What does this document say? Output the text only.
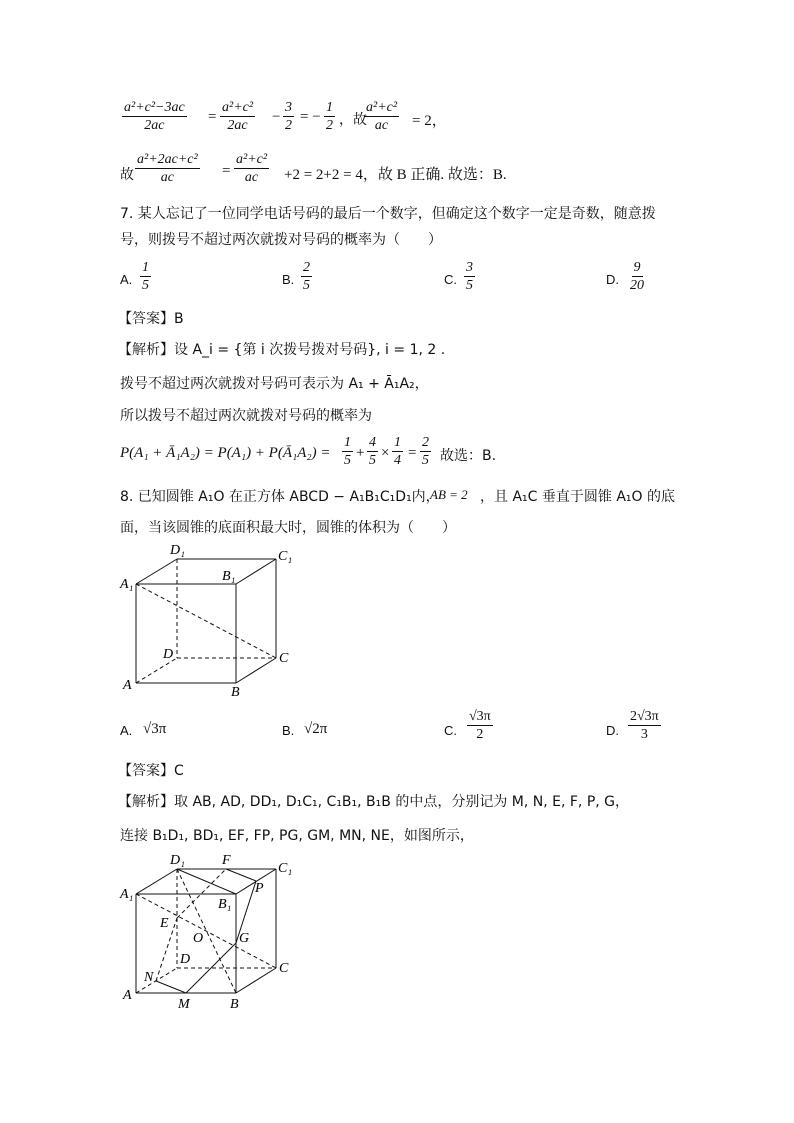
$\frac{\text{a²+c²−3ac}}{2ac} = \frac{\text{a²+c²}}{2ac} - \frac{3}{2}$ = − $\frac{1}{2}$ ，故
$\frac{\text{a²+c²}}{ac} = 2$，
故 $\frac{\text{a²+2ac+c²}}{ac} = \frac{\text{a²+c²}}{ac} +2 = 2+2 = 4$，故 B 正确. 故选：B.
7. 某人忘记了一位同学电话号码的最后一个数字，但确定这个数字一定是奇数，随意拨
号，则拨号不超过两次就拨对号码的概率为（　　）
A. $\frac{1}{5}$	B. $\frac{2}{5}$	C. $\frac{3}{5}$	D. $\frac{9}{20}$
【答案】B
【解析】 设 A_i = {第 i 次拨号拨对号码}, i = 1, 2 .
拨号不超过两次就拨对号码可表示为 A₁ + Ā₁A₂，
所以拨号不超过两次就拨对号码的概率为
P(A₁ + Ā₁A₂) = P(A₁) + P(Ā₁A₂) = $\frac{1}{5} + \frac{4}{5} \times \frac{1}{4} = \frac{2}{5}$ 故选：B.
8. 已知圆锥 A₁O 在正方体 ABCD − A₁B₁C₁D₁内，
AB = 2 ，且 A₁C 垂直于圆锥 A₁O 的底
面，当该圆锥的底面积最大时，圆锥的体积为（　　）
D₁	C₁
A₁
B₁
D	C
A	B
A. √3π	B. √2π	C. $\frac{√3\pi}{2}$	D. $\frac{2√3\pi}{3}$
【答案】C
【解析】 取 AB, AD, DD₁, D₁C₁, C₁B₁, B₁B 的中点，分别记为 M, N, E, F, P, G，
连接 B₁D₁, BD₁, EF, FP, PG, GM, MN, NE，如图所示，
D₁	F
C₁
A₁	P
B₁
E
O	G
D
C
N
A
M	B
